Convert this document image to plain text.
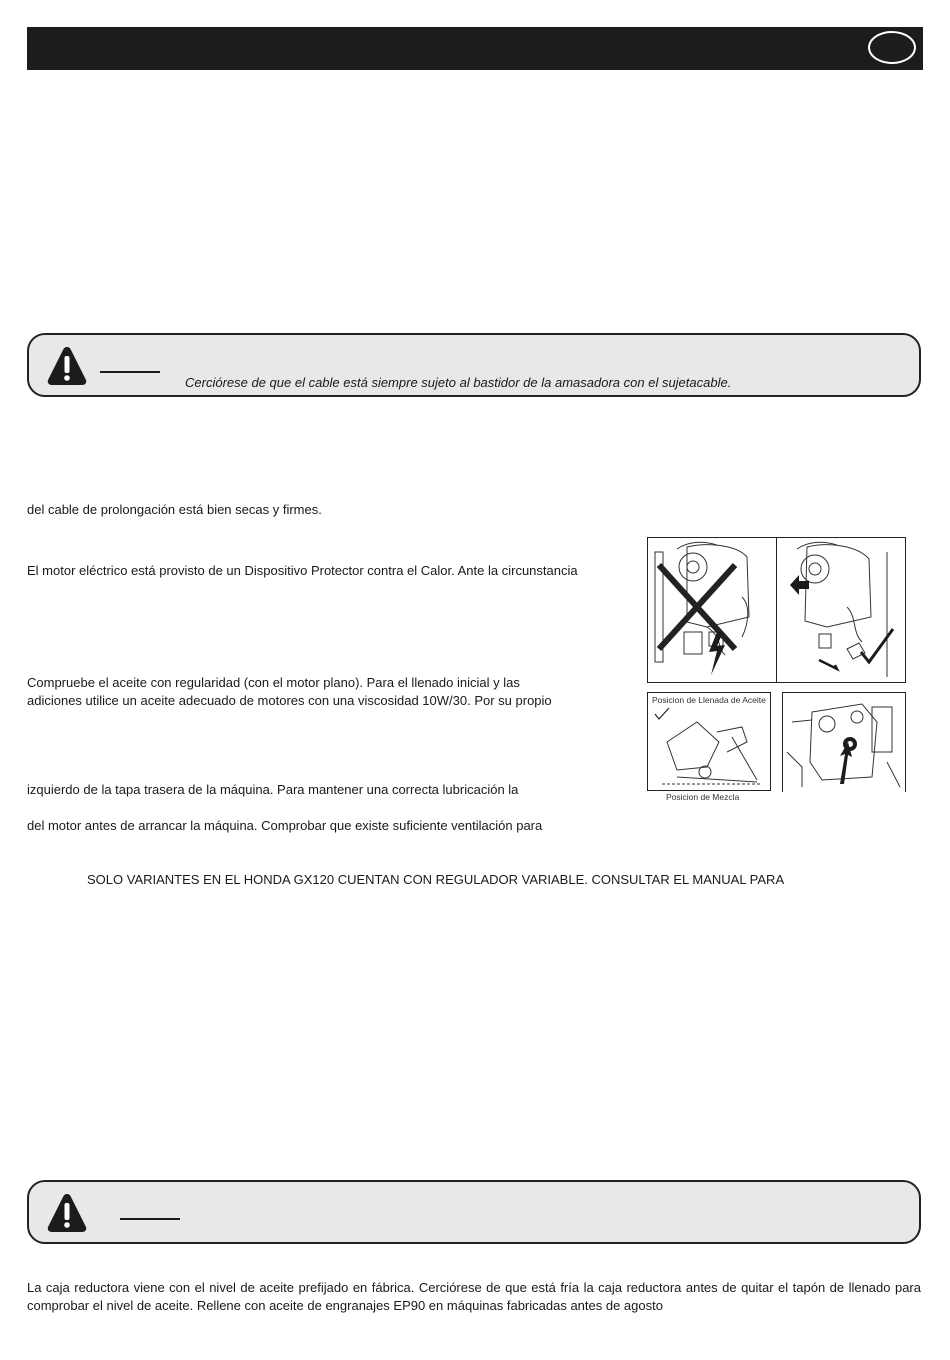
Cerciórese de que el cable está siempre sujeto al bastidor de la amasadora con el sujetacable.
del cable de prolongación está bien secas y firmes.
El motor eléctrico está provisto de un Dispositivo Protector contra el Calor. Ante la circunstancia
Compruebe el aceite con regularidad (con el motor plano). Para el llenado inicial y las
adiciones utilice un aceite adecuado de motores con una viscosidad 10W/30. Por su propio
izquierdo de la tapa trasera de la máquina. Para mantener una correcta lubricación la
del motor antes de arrancar la máquina. Comprobar que existe suficiente ventilación para
SOLO VARIANTES EN EL HONDA GX120 CUENTAN CON REGULADOR VARIABLE. CONSULTAR EL MANUAL PARA
Posicion de Llenada de Aceite
Posicion de Mezcla
La caja reductora viene con el nivel de aceite prefijado en fábrica. Cerciórese de que está fría la caja reductora antes de quitar el tapón de llenado para comprobar el nivel de aceite. Rellene con aceite de engranajes EP90 en máquinas fabricadas antes de agosto
